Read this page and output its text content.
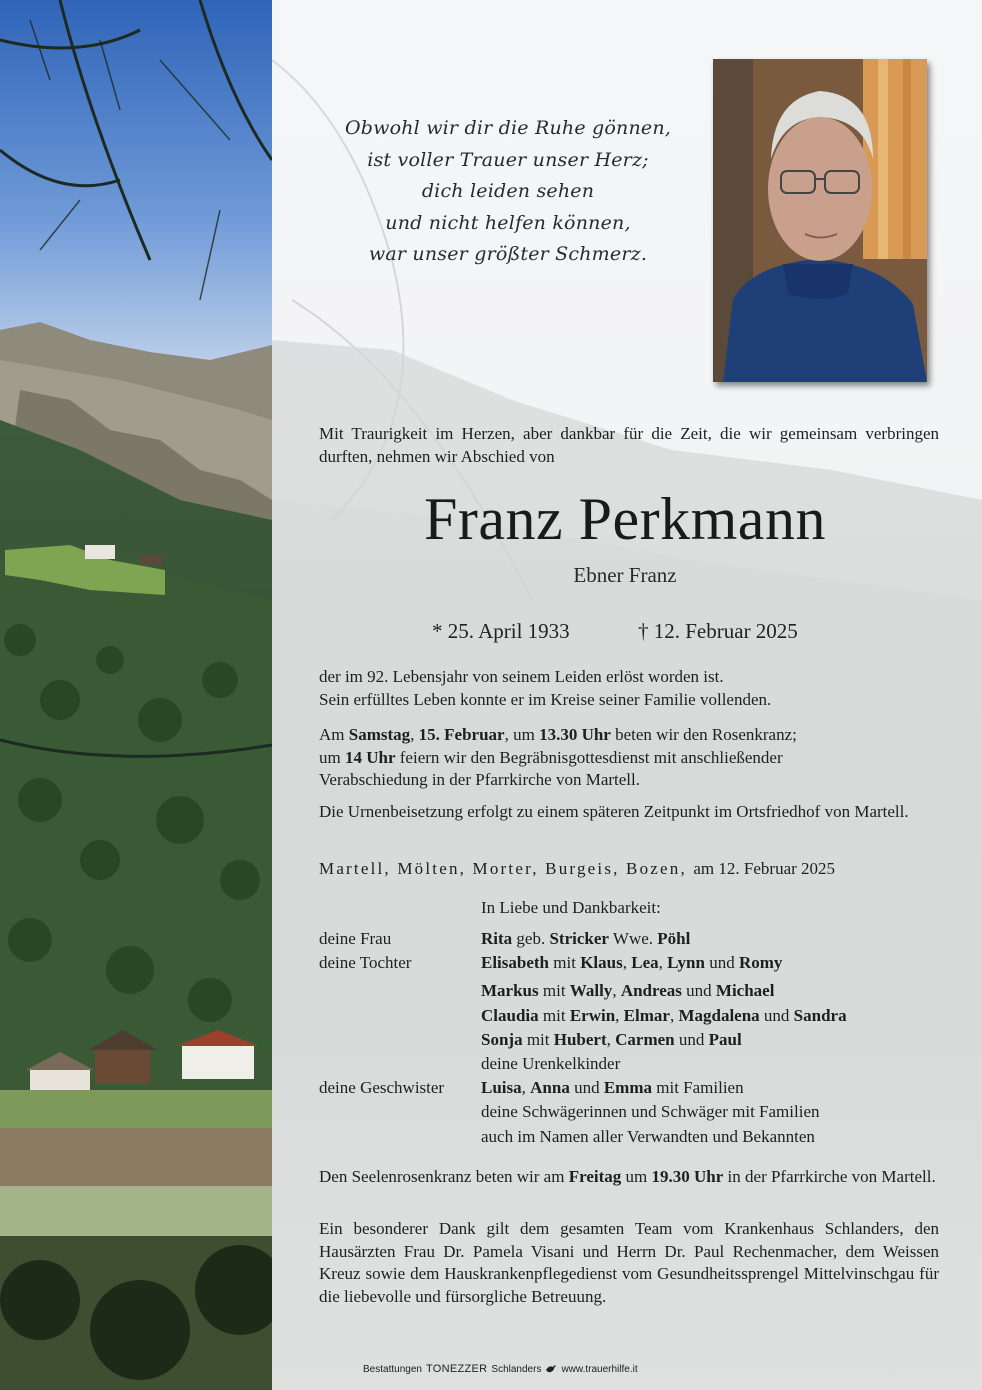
Obwohl wir dir die Ruhe gönnen,
ist voller Trauer unser Herz;
dich leiden sehen
und nicht helfen können,
war unser größter Schmerz.
Mit Traurigkeit im Herzen, aber dankbar für die Zeit, die wir gemeinsam verbringen durften, nehmen wir Abschied von
Franz Perkmann
Ebner Franz
* 25. April 1933	† 12. Februar 2025
der im 92. Lebensjahr von seinem Leiden erlöst worden ist.
Sein erfülltes Leben konnte er im Kreise seiner Familie vollenden.
Am Samstag, 15. Februar, um 13.30 Uhr beten wir den Rosenkranz;
um 14 Uhr feiern wir den Begräbnisgottesdienst mit anschließender
Verabschiedung in der Pfarrkirche von Martell.
Die Urnenbeisetzung erfolgt zu einem späteren Zeitpunkt im Ortsfriedhof von Martell.
Martell, Mölten, Morter, Burgeis, Bozen, am 12. Februar 2025
In Liebe und Dankbarkeit:
deine Frau	Rita geb. Stricker Wwe. Pöhl
deine Tochter	Elisabeth mit Klaus, Lea, Lynn und Romy
Markus mit Wally, Andreas und Michael
Claudia mit Erwin, Elmar, Magdalena und Sandra
Sonja mit Hubert, Carmen und Paul
deine Urenkelkinder
deine Geschwister	Luisa, Anna und Emma mit Familien
deine Schwägerinnen und Schwäger mit Familien
auch im Namen aller Verwandten und Bekannten
Den Seelenrosenkranz beten wir am Freitag um 19.30 Uhr in der Pfarrkirche von Martell.
Ein besonderer Dank gilt dem gesamten Team vom Krankenhaus Schlanders, den Hausärzten Frau Dr. Pamela Visani und Herrn Dr. Paul Rechenmacher, dem Weissen Kreuz sowie dem Hauskrankenpflegedienst vom Gesundheitssprengel Mittelvinschgau für die liebevolle und fürsorgliche Betreuung.
Bestattungen TONEZZER Schlanders www.trauerhilfe.it
